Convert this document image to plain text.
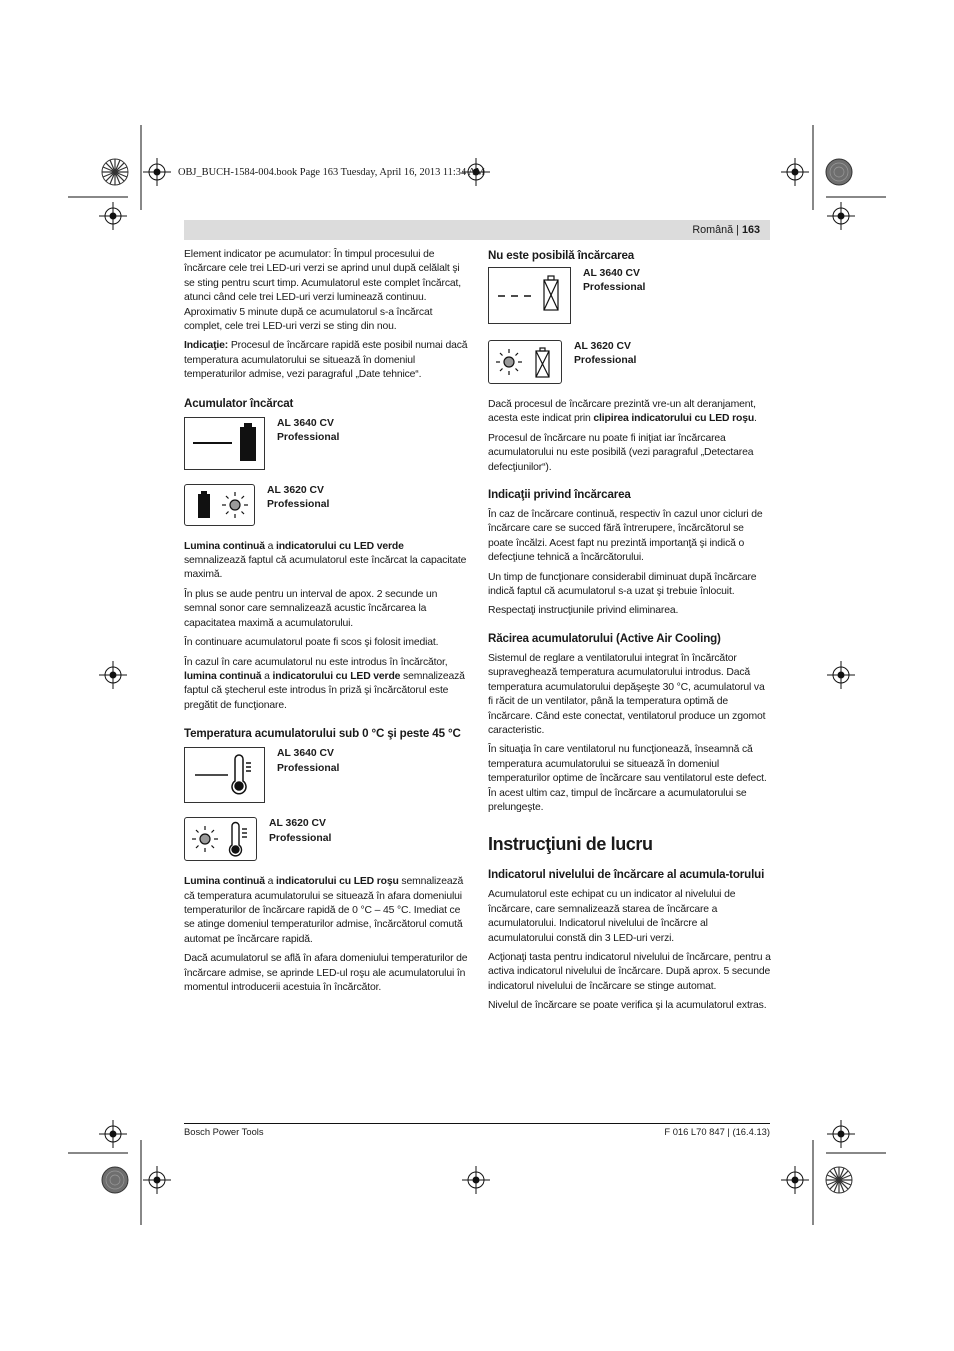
OBJ_BUCH-1584-004.book Page 163 Tuesday, April 16, 2013 11:34 AM
Română | 163

Element indicator pe acumulator: În timpul procesului de încărcare cele trei LED-uri verzi se aprind unul după celălalt şi se sting pentru scurt timp. Acumulatorul este complet încărcat, atunci când cele trei LED-uri verzi luminează continuu. Aproximativ 5 minute după ce acumulatorul s-a încărcat complet, cele trei LED-uri verzi se sting din nou.

Indicaţie: Procesul de încărcare rapidă este posibil numai dacă temperatura acumulatorului se situează în domeniul temperaturilor admise, vezi paragraful „Date tehnice“.

Acumulator încărcat
AL 3640 CV
Professional
AL 3620 CV
Professional

Lumina continuă a indicatorului cu LED verde semnalizează faptul că acumulatorul este încărcat la capacitate maximă.

În plus se aude pentru un interval de apox. 2 secunde un semnal sonor care semnalizează acustic încărcarea la capacitatea maximă a acumulatorului.

În continuare acumulatorul poate fi scos şi folosit imediat.

În cazul în care acumulatorul nu este introdus în încărcător, lumina continuă a indicatorului cu LED verde semnalizează faptul că ştecherul este introdus în priză şi încărcătorul este pregătit de funcţionare.

Temperatura acumulatorului sub 0 °C şi peste 45 °C
AL 3640 CV
Professional
AL 3620 CV
Professional

Lumina continuă a indicatorului cu LED roşu semnalizează că temperatura acumulatorului se situează în afara domeniului temperaturilor de încărcare rapidă de 0 °C – 45 °C. Imediat ce se atinge domeniul temperaturilor admise, încărcătorul comută automat pe încărcare rapidă.

Dacă acumulatorul se află în afara domeniului temperaturilor de încărcare admise, se aprinde LED-ul roşu ale acumulatorului în momentul introducerii acestuia în încărcător.

Nu este posibilă încărcarea
AL 3640 CV
Professional
AL 3620 CV
Professional

Dacă procesul de încărcare prezintă vre-un alt deranjament, acesta este indicat prin clipirea indicatorului cu LED roşu.

Procesul de încărcare nu poate fi iniţiat iar încărcarea acumulatorului nu este posibilă (vezi paragraful „Detectarea defecţiunilor“).

Indicaţii privind încărcarea

În caz de încărcare continuă, respectiv în cazul unor cicluri de încărcare care se succed fără întrerupere, încărcătorul se poate încălzi. Acest fapt nu prezintă importanţă şi indică o defecţiune tehnică a încărcătorului.

Un timp de funcţionare considerabil diminuat după încărcare indică faptul că acumulatorul s-a uzat şi trebuie înlocuit.

Respectaţi instrucţiunile privind eliminarea.

Răcirea acumulatorului (Active Air Cooling)

Sistemul de reglare a ventilatorului integrat în încărcător supraveghează temperatura acumulatorului introdus. Dacă temperatura acumulatorului depăşeşte 30 °C, acumulatorul va fi răcit de un ventilator, până la temperatura optimă de încărcare. Când este conectat, ventilatorul produce un zgomot caracteristic.

În situaţia în care ventilatorul nu funcţionează, înseamnă că temperatura acumulatorului se situează în domeniul temperaturilor optime de încărcare sau ventilatorul este defect. În acest ultim caz, timpul de încărcare a acumulatorului se prelungeşte.

Instrucţiuni de lucru
Indicatorul nivelului de încărcare al acumula-torului

Acumulatorul este echipat cu un indicator al nivelului de încărcare, care semnalizează starea de încărcare a acumulatorului. Indicatorul nivelului de încărcre al acumulatorului constă din 3 LED-uri verzi.

Acţionaţi tasta pentru indicatorul nivelului de încărcare, pentru a activa indicatorul nivelului de încărcare. După aprox. 5 secunde indicatorul nivelului de încărcare se stinge automat.

Nivelul de încărcare se poate verifica şi la acumulatorul extras.

Bosch Power Tools	F 016 L70 847 | (16.4.13)
